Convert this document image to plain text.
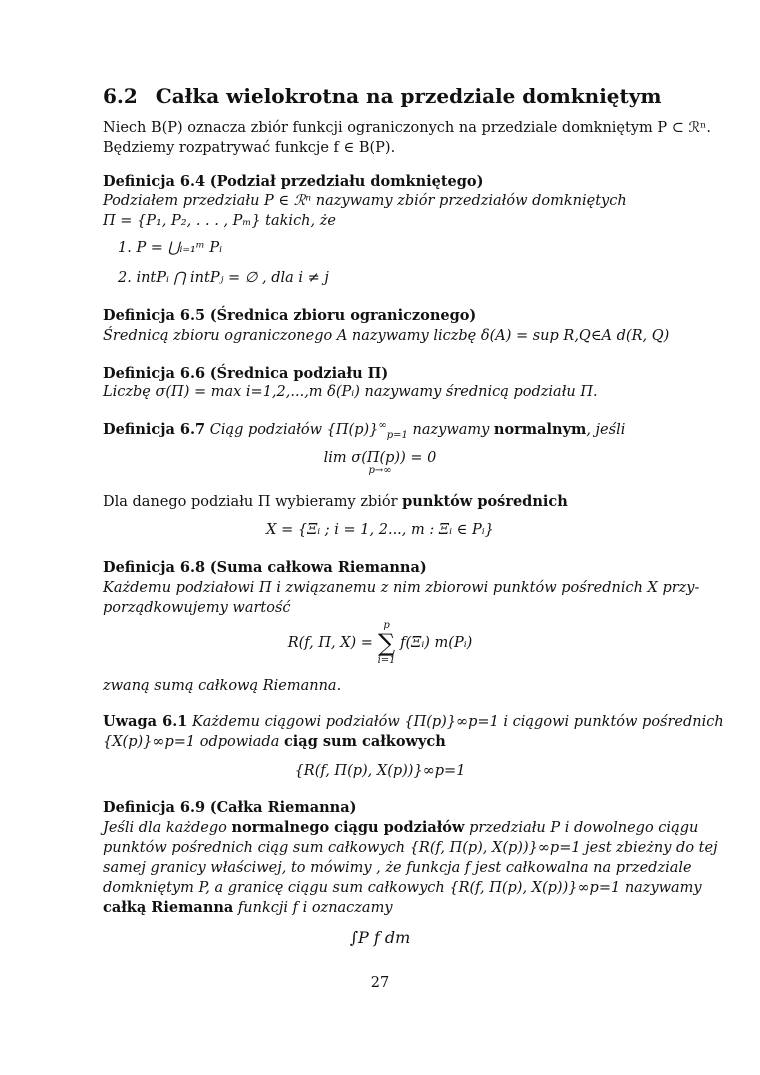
6.2 Całka wielokrotna na przedziale domkniętym
Niech B(P) oznacza zbiór funkcji ograniczonych na przedziale domkniętym P ⊂ ℛⁿ.
Będziemy rozpatrywać funkcje f ∈ B(P).
Definicja 6.4 (Podział przedziału domkniętego)
Podziałem przedziału P ∈ ℛⁿ nazywamy zbiór przedziałów domkniętych
Π = {P₁, P₂, . . . , Pₘ} takich, że
1. P = ⋃ᵢ₌₁ᵐ Pᵢ
2. intPᵢ ⋂ intPⱼ = ∅ , dla i ≠ j
Definicja 6.5 (Średnica zbioru ograniczonego)
Średnicą zbioru ograniczonego A nazywamy liczbę δ(A) = sup R,Q∈A d(R, Q)
Definicja 6.6 (Średnica podziału Π)
Liczbę σ(Π) = max i=1,2,...,m δ(Pᵢ) nazywamy średnicą podziału Π.
Definicja 6.7 Ciąg podziałów $\{\Pi(p)\}^\infty_{p=1}$ nazywamy normalnym, jeśli
lim σ(Π(p)) = 0
p→∞
Dla danego podziału Π wybieramy zbiór punktów pośrednich
X = {Ξᵢ ; i = 1, 2..., m : Ξᵢ ∈ Pᵢ}
Definicja 6.8 (Suma całkowa Riemanna)
Każdemu podziałowi Π i związanemu z nim zbiorowi punktów pośrednich X przy-
porządkowujemy wartość
R(f, Π, X) =
p
∑
i=1
f(Ξᵢ) m(Pᵢ)
zwaną sumą całkową Riemanna.
Uwaga 6.1 Każdemu ciągowi podziałów {Π(p)}∞p=1 i ciągowi punktów pośrednich
{X(p)}∞p=1 odpowiada ciąg sum całkowych
{R(f, Π(p), X(p))}∞p=1
Definicja 6.9 (Całka Riemanna)
Jeśli dla każdego normalnego ciągu podziałów przedziału P i dowolnego ciągu
punktów pośrednich ciąg sum całkowych {R(f, Π(p), X(p))}∞p=1 jest zbieżny do tej
samej granicy właściwej, to mówimy , że funkcja f jest całkowalna na przedziale
domkniętym P, a granicę ciągu sum całkowych {R(f, Π(p), X(p))}∞p=1 nazywamy
całką Riemanna funkcji f i oznaczamy
∫P f dm
27
